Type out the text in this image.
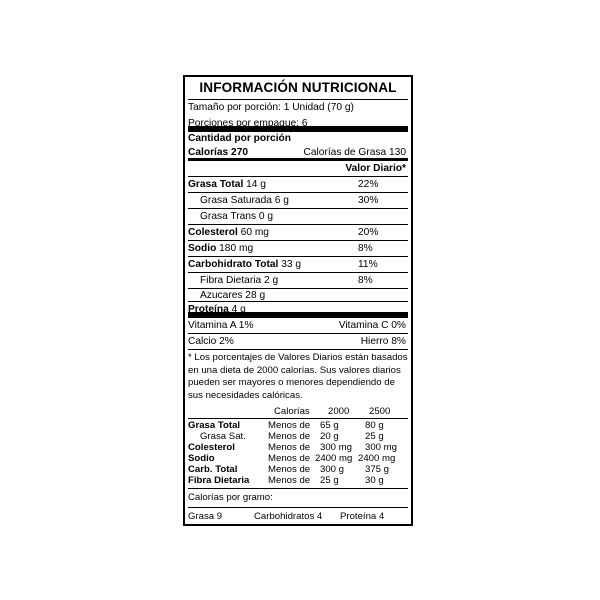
INFORMACIÓN NUTRICIONAL
Tamaño por porción: 1 Unidad (70 g)
Porciones por empaque: 6
Cantidad por porción
Calorías 270	Calorías de Grasa 130
Valor Diario*
Grasa Total 14 g	22%
Grasa Saturada 6 g	30%
Grasa Trans 0 g
Colesterol 60 mg	20%
Sodio 180 mg	8%
Carbohidrato Total 33 g	11%
Fibra Dietaria 2 g	8%
Azucares 28 g
Proteína 4 g
Vitamina A 1%	Vitamina C 0%
Calcio 2%	Hierro 8%
* Los porcentajes de Valores Diarios están basados en una dieta de 2000 calorías. Sus valores diarios pueden ser mayores o menores dependiendo de sus necesidades calóricas.
Calorías 2000 2500
Grasa Total	Menos de 65 g	80 g
Grasa Sat. Menos de 20 g	25 g
Colesterol	Menos de 300 mg 300 mg
Sodio	Menos de 2400 mg 2400 mg
Carb. Total	Menos de 300 g 375 g
Fibra Dietaria Menos de 25 g	30 g
Calorías por gramo:
Grasa 9	Carbohidratos 4 Proteína 4
